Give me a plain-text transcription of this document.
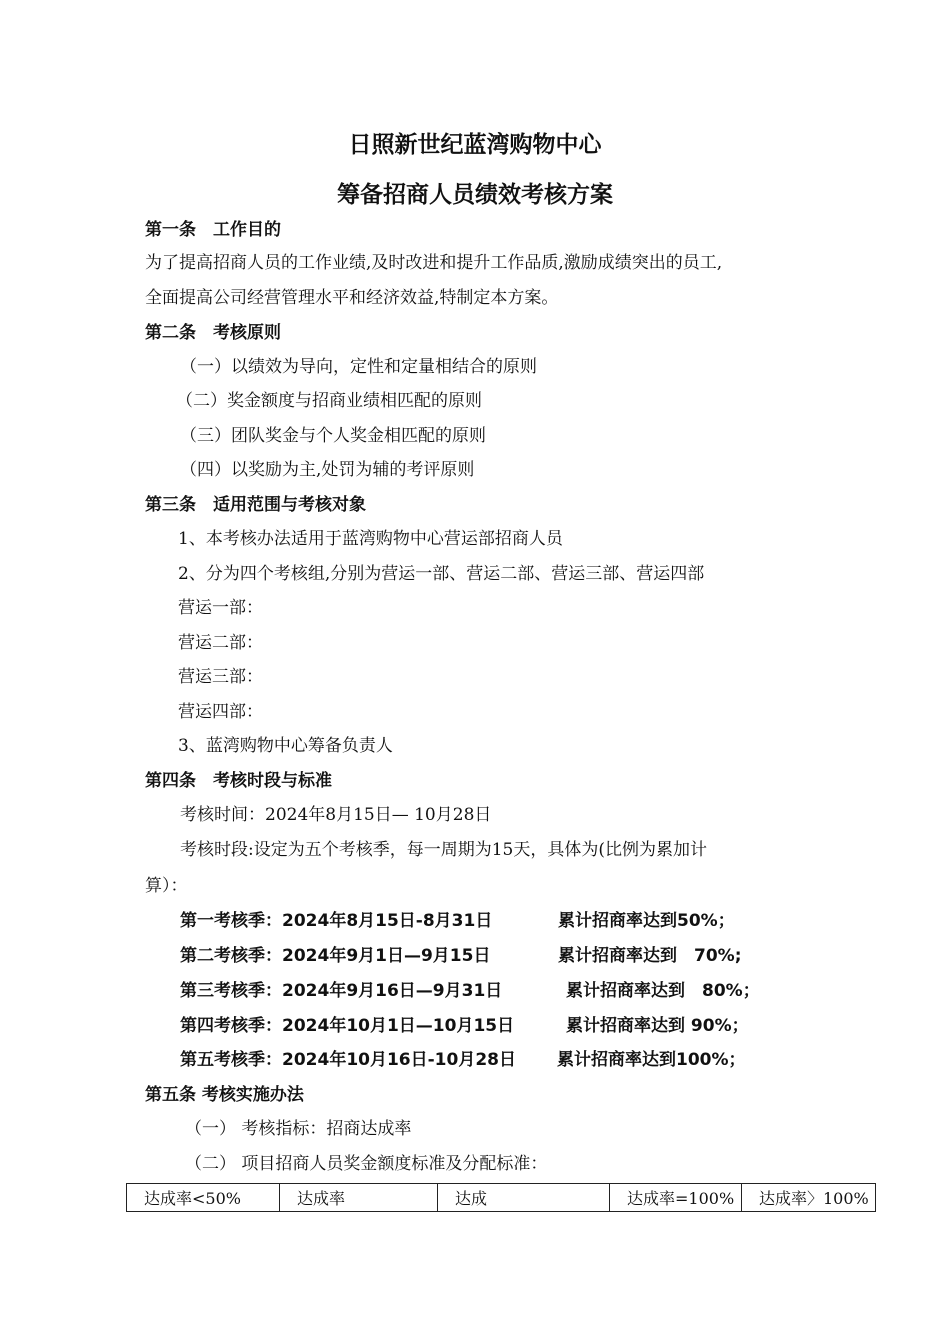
日照新世纪蓝湾购物中心
筹备招商人员绩效考核方案
第一条　工作目的
为了提高招商人员的工作业绩,及时改进和提升工作品质,激励成绩突出的员工,
全面提高公司经营管理水平和经济效益,特制定本方案。
第二条　考核原则
（一）以绩效为导向，定性和定量相结合的原则
（二）奖金额度与招商业绩相匹配的原则
（三）团队奖金与个人奖金相匹配的原则
（四）以奖励为主,处罚为辅的考评原则
第三条　适用范围与考核对象
1、本考核办法适用于蓝湾购物中心营运部招商人员
2、分为四个考核组,分别为营运一部、营运二部、营运三部、营运四部
营运一部：
营运二部：
营运三部：
营运四部：
3、蓝湾购物中心筹备负责人
第四条　考核时段与标准
考核时间：2024年8月15日— 10月28日
考核时段:设定为五个考核季，每一周期为15天，具体为(比例为累加计
算）：
第一考核季：2024年8月15日-8月31日	累计招商率达到50%；
第二考核季：2024年9月1日—9月15日	累计招商率达到　70%;
第三考核季：2024年9月16日—9月31日	累计招商率达到　80%；
第四考核季：2024年10月1日—10月15日	累计招商率达到 90%；
第五考核季：2024年10月16日-10月28日 累计招商率达到100%；
第五条 考核实施办法
（一） 考核指标：招商达成率
（二） 项目招商人员奖金额度标准及分配标准：
达成率<50%	达成率	达成	达成率=100%	达成率〉100%
